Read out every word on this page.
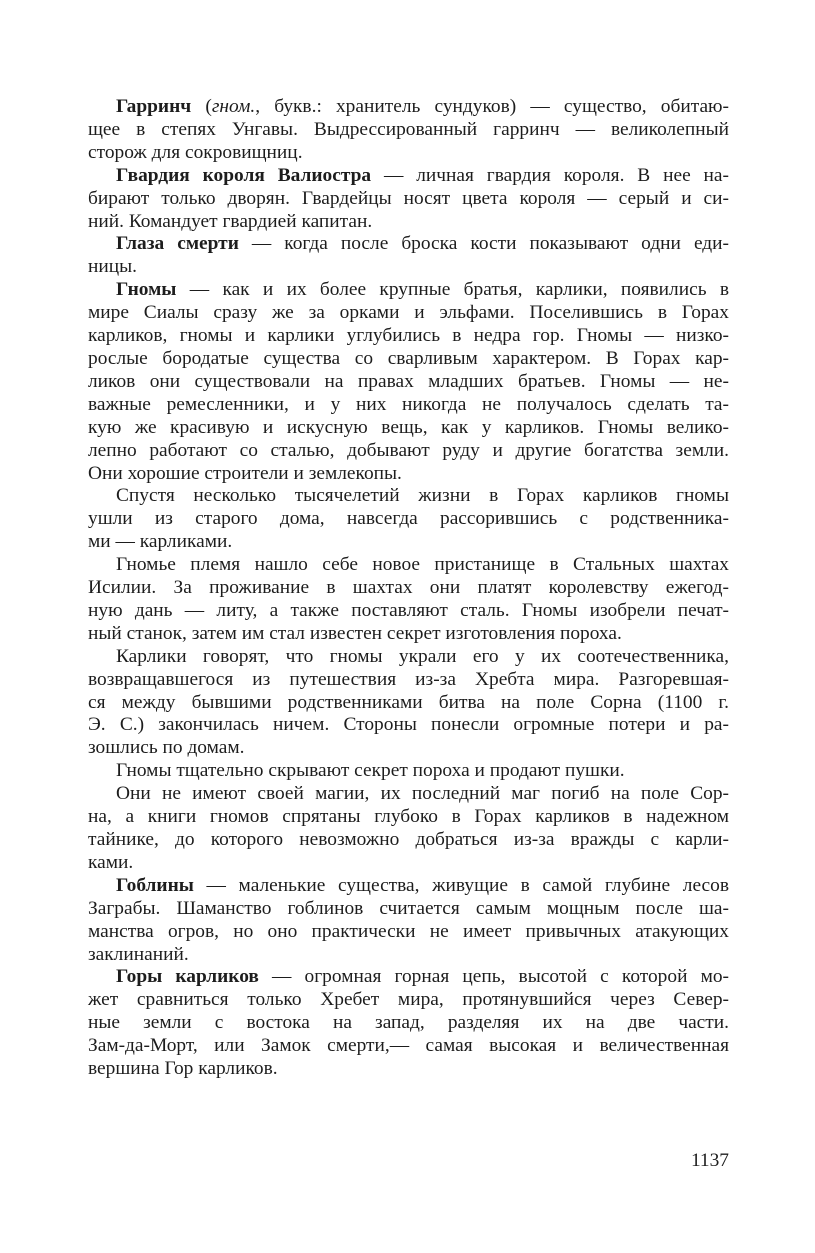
Гарринч (гном., букв.: хранитель сундуков) — существо, обитаю-
щее в степях Унгавы. Выдрессированный гарринч — великолепный
сторож для сокровищниц.
Гвардия короля Валиостра — личная гвардия короля. В нее на-
бирают только дворян. Гвардейцы носят цвета короля — серый и си-
ний. Командует гвардией капитан.
Глаза смерти — когда после броска кости показывают одни еди-
ницы.
Гномы — как и их более крупные братья, карлики, появились в
мире Сиалы сразу же за орками и эльфами. Поселившись в Горах
карликов, гномы и карлики углубились в недра гор. Гномы — низко-
рослые бородатые существа со сварливым характером. В Горах кар-
ликов они существовали на правах младших братьев. Гномы — не-
важные ремесленники, и у них никогда не получалось сделать та-
кую же красивую и искусную вещь, как у карликов. Гномы велико-
лепно работают со сталью, добывают руду и другие богатства земли.
Они хорошие строители и землекопы.
Спустя несколько тысячелетий жизни в Горах карликов гномы
ушли из старого дома, навсегда рассорившись с родственника-
ми — карликами.
Гномье племя нашло себе новое пристанище в Стальных шахтах
Исилии. За проживание в шахтах они платят королевству ежегод-
ную дань — литу, а также поставляют сталь. Гномы изобрели печат-
ный станок, затем им стал известен секрет изготовления пороха.
Карлики говорят, что гномы украли его у их соотечественника,
возвращавшегося из путешествия из-за Хребта мира. Разгоревшая-
ся между бывшими родственниками битва на поле Сорна (1100 г.
Э. С.) закончилась ничем. Стороны понесли огромные потери и ра-
зошлись по домам.
Гномы тщательно скрывают секрет пороха и продают пушки.
Они не имеют своей магии, их последний маг погиб на поле Сор-
на, а книги гномов спрятаны глубоко в Горах карликов в надежном
тайнике, до которого невозможно добраться из-за вражды с карли-
ками.
Гоблины — маленькие существа, живущие в самой глубине лесов
Заграбы. Шаманство гоблинов считается самым мощным после ша-
манства огров, но оно практически не имеет привычных атакующих
заклинаний.
Горы карликов — огромная горная цепь, высотой с которой мо-
жет сравниться только Хребет мира, протянувшийся через Север-
ные земли с востока на запад, разделяя их на две части.
Зам-да-Морт, или Замок смерти,— самая высокая и величественная
вершина Гор карликов.
1137
